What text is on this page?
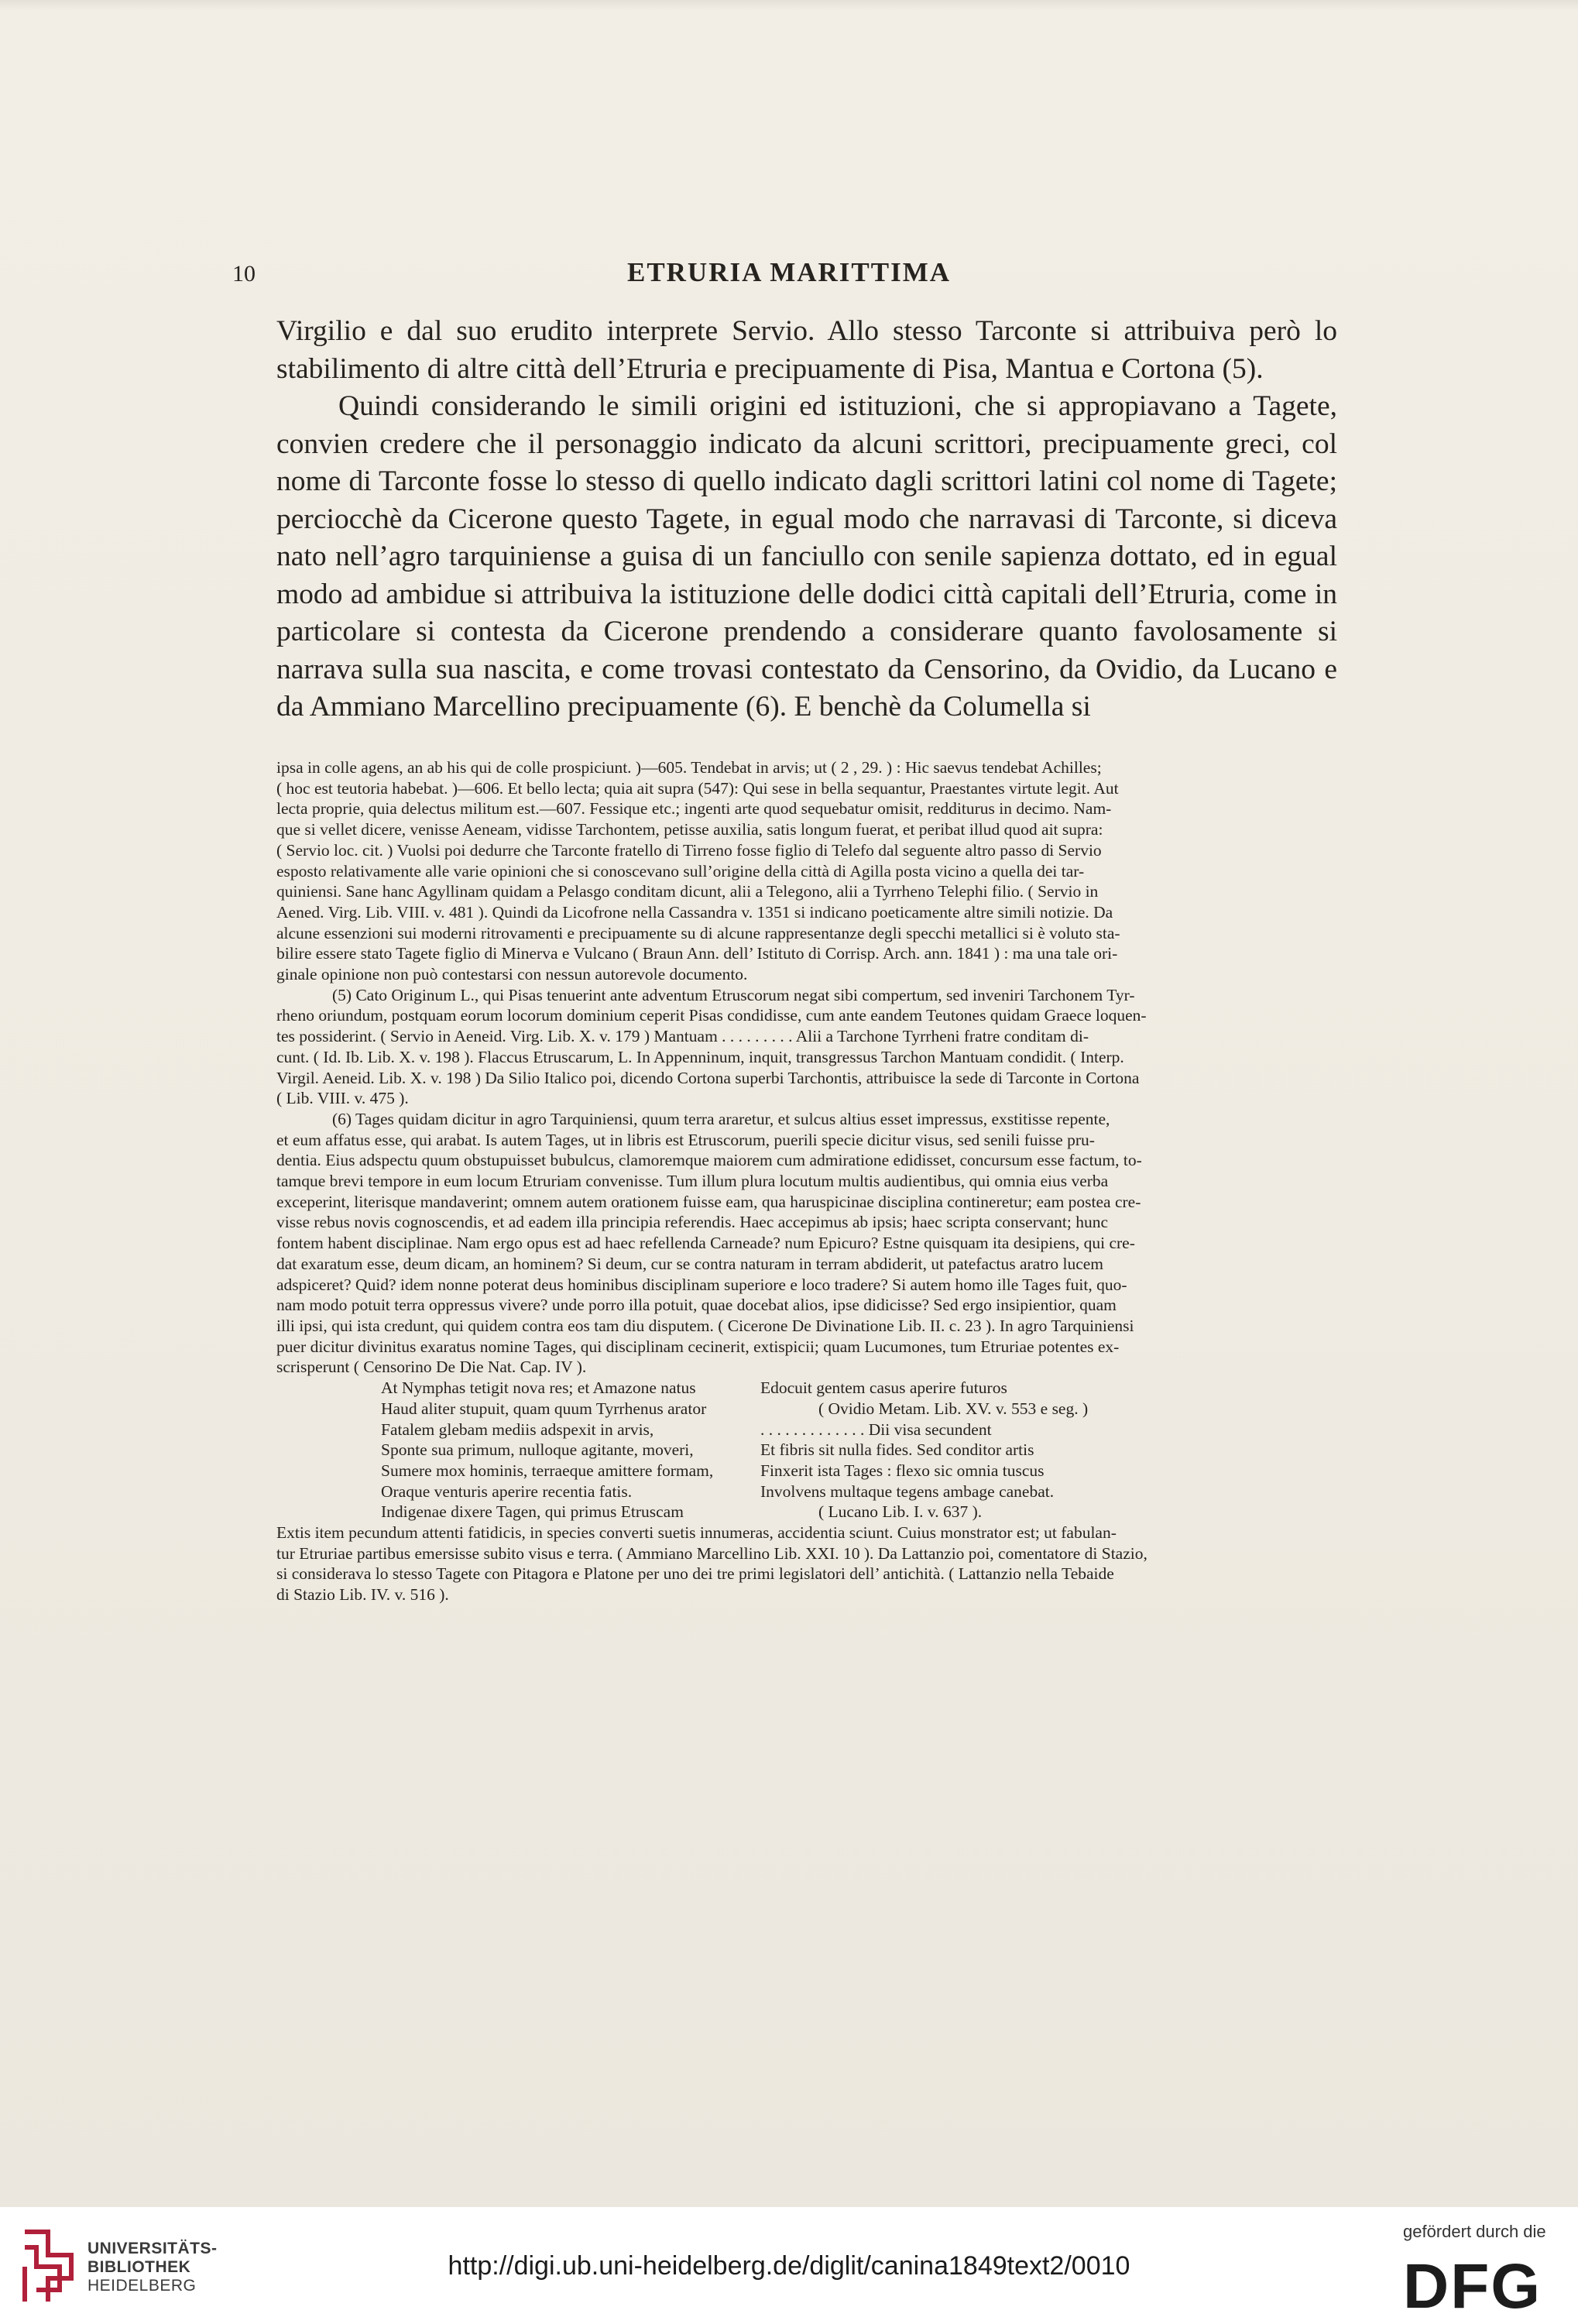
10	ETRURIA MARITTIMA

Virgilio e dal suo erudito interprete Servio. Allo stesso Tarconte si attribuiva però lo stabilimento di altre città dell’Etruria e precipuamente di Pisa, Mantua e Cortona (5).

Quindi considerando le simili origini ed istituzioni, che si appropiavano a Tagete, convien credere che il personaggio indicato da alcuni scrittori, precipuamente greci, col nome di Tarconte fosse lo stesso di quello indicato dagli scrittori latini col nome di Tagete; perciocchè da Cicerone questo Tagete, in egual modo che narravasi di Tarconte, si diceva nato nell’agro tarquiniense a guisa di un fanciullo con senile sapienza dottato, ed in egual modo ad ambidue si attribuiva la istituzione delle dodici città capitali dell’Etruria, come in particolare si contesta da Cicerone prendendo a considerare quanto favolosamente si narrava sulla sua nascita, e come trovasi contestato da Censorino, da Ovidio, da Lucano e da Ammiano Marcellino precipuamente (6). E benchè da Columella si

ipsa in colle agens, an ab his qui de colle prospiciunt. )—605. Tendebat in arvis; ut ( 2 , 29. ) : Hic saevus tendebat Achilles;
( hoc est teutoria habebat. )—606. Et bello lecta; quia ait supra (547): Qui sese in bella sequantur, Praestantes virtute legit. Aut
lecta proprie, quia delectus militum est.—607. Fessique etc.; ingenti arte quod sequebatur omisit, redditurus in decimo. Nam-
que si vellet dicere, venisse Aeneam, vidisse Tarchontem, petisse auxilia, satis longum fuerat, et peribat illud quod ait supra:
( Servio loc. cit. ) Vuolsi poi dedurre che Tarconte fratello di Tirreno fosse figlio di Telefo dal seguente altro passo di Servio
esposto relativamente alle varie opinioni che si conoscevano sull’origine della città di Agilla posta vicino a quella dei tar-
quiniensi. Sane hanc Agyllinam quidam a Pelasgo conditam dicunt, alii a Telegono, alii a Tyrrheno Telephi filio. ( Servio in
Aened. Virg. Lib. VIII. v. 481 ). Quindi da Licofrone nella Cassandra v. 1351 si indicano poeticamente altre simili notizie. Da
alcune essenzioni sui moderni ritrovamenti e precipuamente su di alcune rappresentanze degli specchi metallici si è voluto sta-
bilire essere stato Tagete figlio di Minerva e Vulcano ( Braun Ann. dell’ Istituto di Corrisp. Arch. ann. 1841 ) : ma una tale ori-
ginale opinione non può contestarsi con nessun autorevole documento.

(5) Cato Originum L., qui Pisas tenuerint ante adventum Etruscorum negat sibi compertum, sed inveniri Tarchonem Tyr-
rheno oriundum, postquam eorum locorum dominium ceperit Pisas condidisse, cum ante eandem Teutones quidam Graece loquen-
tes possiderint. ( Servio in Aeneid. Virg. Lib. X. v. 179 ) Mantuam . . . . . . . . . Alii a Tarchone Tyrrheni fratre conditam di-
cunt. ( Id. Ib. Lib. X. v. 198 ). Flaccus Etruscarum, L. In Appenninum, inquit, transgressus Tarchon Mantuam condidit. ( Interp.
Virgil. Aeneid. Lib. X. v. 198 ) Da Silio Italico poi, dicendo Cortona superbi Tarchontis, attribuisce la sede di Tarconte in Cortona
( Lib. VIII. v. 475 ).

(6) Tages quidam dicitur in agro Tarquiniensi, quum terra araretur, et sulcus altius esset impressus, exstitisse repente,
et eum affatus esse, qui arabat. Is autem Tages, ut in libris est Etruscorum, puerili specie dicitur visus, sed senili fuisse pru-
dentia. Eius adspectu quum obstupuisset bubulcus, clamoremque maiorem cum admiratione edidisset, concursum esse factum, to-
tamque brevi tempore in eum locum Etruriam convenisse. Tum illum plura locutum multis audientibus, qui omnia eius verba
exceperint, literisque mandaverint; omnem autem orationem fuisse eam, qua haruspicinae disciplina contineretur; eam postea cre-
visse rebus novis cognoscendis, et ad eadem illa principia referendis. Haec accepimus ab ipsis; haec scripta conservant; hunc
fontem habent disciplinae. Nam ergo opus est ad haec refellenda Carneade? num Epicuro? Estne quisquam ita desipiens, qui cre-
dat exaratum esse, deum dicam, an hominem? Si deum, cur se contra naturam in terram abdiderit, ut patefactus aratro lucem
adspiceret? Quid? idem nonne poterat deus hominibus disciplinam superiore e loco tradere? Si autem homo ille Tages fuit, quo-
nam modo potuit terra oppressus vivere? unde porro illa potuit, quae docebat alios, ipse didicisse? Sed ergo insipientior, quam
illi ipsi, qui ista credunt, qui quidem contra eos tam diu disputem. ( Cicerone De Divinatione Lib. II. c. 23 ). In agro Tarquiniensi
puer dicitur divinitus exaratus nomine Tages, qui disciplinam cecinerit, extispicii; quam Lucumones, tum Etruriae potentes ex-
scrisperunt ( Censorino De Die Nat. Cap. IV ).

At Nymphas tetigit nova res; et Amazone natus
Haud aliter stupuit, quam quum Tyrrhenus arator
Fatalem glebam mediis adspexit in arvis,
Sponte sua primum, nulloque agitante, moveri,
Sumere mox hominis, terraeque amittere formam,
Oraque venturis aperire recentia fatis.
Indigenae dixere Tagen, qui primus Etruscam
Edocuit gentem casus aperire futuros
( Ovidio Metam. Lib. XV. v. 553 e seg. )
. . . . . . . . . . . . . Dii visa secundent
Et fibris sit nulla fides. Sed conditor artis
Finxerit ista Tages : flexo sic omnia tuscus
Involvens multaque tegens ambage canebat.
( Lucano Lib. I. v. 637 ).

Extis item pecundum attenti fatidicis, in species converti suetis innumeras, accidentia sciunt. Cuius monstrator est; ut fabulan-
tur Etruriae partibus emersisse subito visus e terra. ( Ammiano Marcellino Lib. XXI. 10 ). Da Lattanzio poi, comentatore di Stazio,
si considerava lo stesso Tagete con Pitagora e Platone per uno dei tre primi legislatori dell’ antichità. ( Lattanzio nella Tebaide
di Stazio Lib. IV. v. 516 ).

UNIVERSITÄTS-
BIBLIOTHEK
HEIDELBERG
http://digi.ub.uni-heidelberg.de/diglit/canina1849text2/0010
gefördert durch die
DFG
